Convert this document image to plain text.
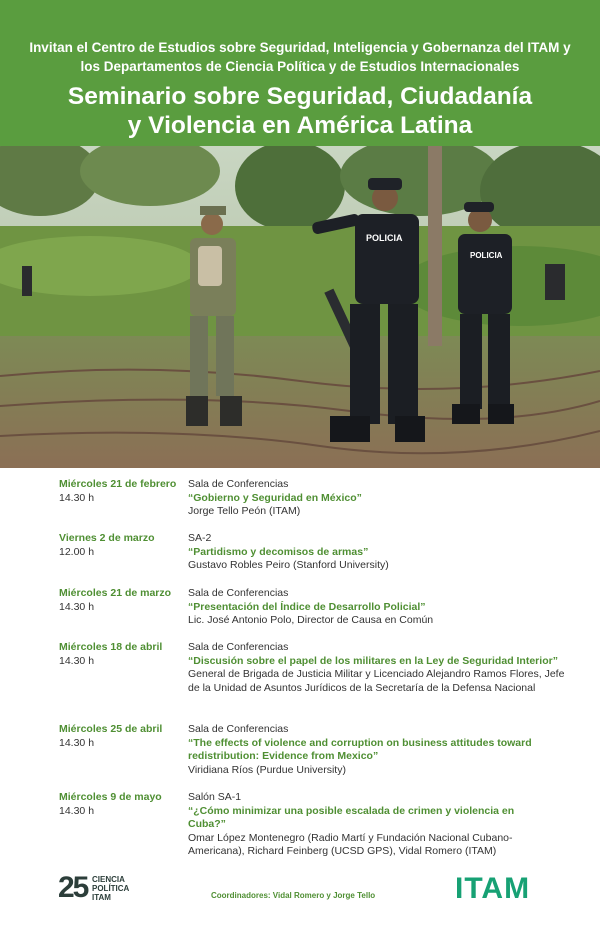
Invitan el Centro de Estudios sobre Seguridad, Inteligencia y Gobernanza del ITAM y los Departamentos de Ciencia Política y de Estudios Internacionales
Seminario sobre Seguridad, Ciudadanía
y Violencia en América Latina
POLICIA
POLICIA
Miércoles 21 de febrero
14.30 h
Sala de Conferencias
“Gobierno y Seguridad en México”
Jorge Tello Peón (ITAM)
Viernes 2 de marzo
12.00 h
SA-2
“Partidismo y decomisos de armas”
Gustavo Robles Peiro (Stanford University)
Miércoles 21 de marzo
14.30 h
Sala de Conferencias
“Presentación del Índice de Desarrollo Policial”
Lic. José Antonio Polo, Director de Causa en Común
Miércoles 18 de abril
14.30 h
Sala de Conferencias
“Discusión sobre el papel de los militares en la Ley de Seguridad Interior”
General de Brigada de Justicia Militar y Licenciado Alejandro Ramos Flores, Jefe de la Unidad de Asuntos Jurídicos de la Secretaría de la Defensa Nacional
Miércoles 25 de abril
14.30 h
Sala de Conferencias
“The effects of violence and corruption on business attitudes toward redistribution: Evidence from Mexico”
Viridiana Ríos (Purdue University)
Miércoles 9 de mayo
14.30 h
Salón SA-1
“¿Cómo minimizar una posible escalada de crimen y violencia en Cuba?”
Omar López Montenegro (Radio Martí y Fundación Nacional Cubano-Americana), Richard Feinberg (UCSD GPS), Vidal Romero (ITAM)
25 CIENCIA
POLÍTICA
ITAM	Coordinadores: Vidal Romero y Jorge Tello	ITAM
